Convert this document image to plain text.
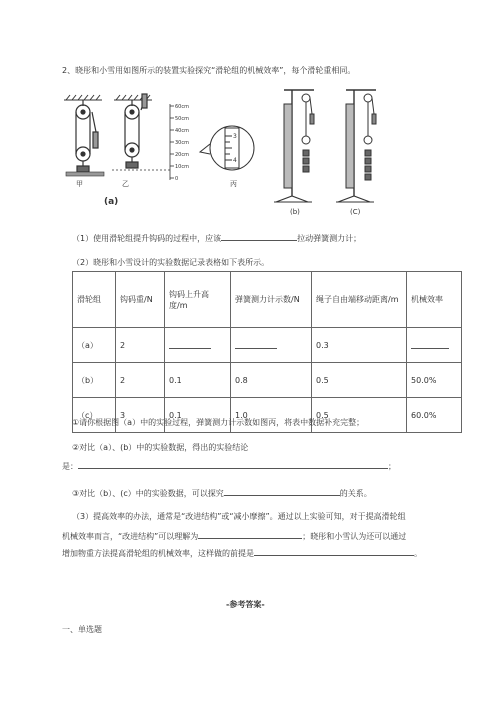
2、晓彤和小雪用如图所示的装置实验探究“滑轮组的机械效率”，每个滑轮重相同。
甲	乙
60cm
50cm
40cm
30cm
20cm
10cm
0
3
4
丙
(a)
(b)	(C)
（1）使用滑轮组提升钩码的过程中，应该	拉动弹簧测力计；
（2）晓彤和小雪设计的实验数据记录表格如下表所示。
滑轮组	钩码重/N	钩码上升高度/m	弹簧测力计示数/N	绳子自由端移动距离/m	机械效率
（a）	2			0.3	
（b）	2	0.1	0.8	0.5	50.0%
（c）	3	0.1	1.0	0.5	60.0%
①请你根据图（a）中的实验过程，弹簧测力计示数如图丙，将表中数据补充完整；
②对比（a）、(b）中的实验数据，得出的实验结论
是：	；
③对比（b）、(c）中的实验数据，可以探究	的关系。
（3）提高效率的办法，通常是“改进结构”或“减小摩擦”。通过以上实验可知，对于提高滑轮组
机械效率而言，“改进结构”可以理解为	；晓彤和小雪认为还可以通过
增加物重方法提高滑轮组的机械效率，这样做的前提是	。
-参考答案-
一、单选题
